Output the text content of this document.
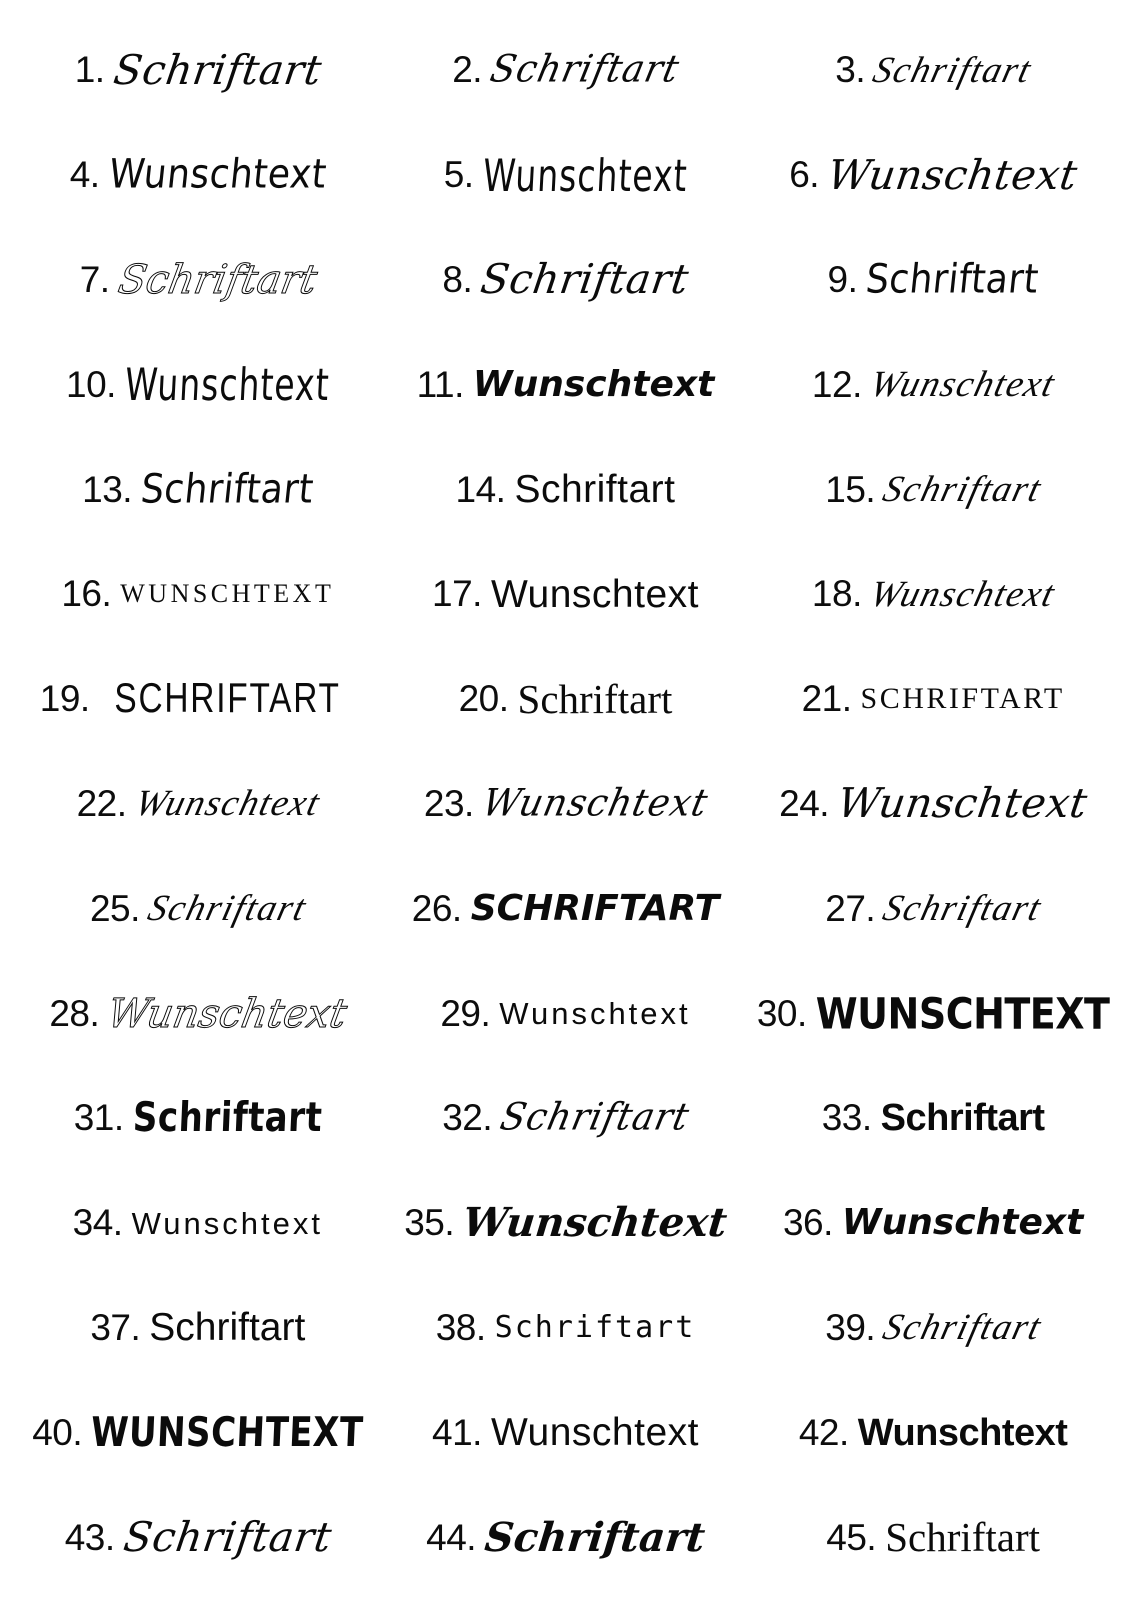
1. Schriftart	2. Schriftart	3. Schriftart
4. Wunschtext	5. Wunschtext	6. Wunschtext
7. Schriftart	8. Schriftart	9. Schriftart
10. Wunschtext 11. Wunschtext	12. Wunschtext
13. Schriftart	14. Schriftart	15. Schriftart
16. WUNSCHTEXT	17. Wunschtext	18. Wunschtext
19. SCHRIFTART	20. Schriftart	21. SCHRIFTART
22. Wunschtext	23. Wunschtext 24. Wunschtext
25. Schriftart	26. SCHRIFTART	27. Schriftart
28. Wunschtext 29. Wunschtext 30. WUNSCHTEXT
31. Schriftart	32. Schriftart	33. Schriftart
34. Wunschtext 35. Wunschtext 36. Wunschtext
37. Schriftart	38. Schriftart	39. Schriftart
40. WUNSCHTEXT 41. Wunschtext	42. Wunschtext
43. Schriftart 44. Schriftart	45. Schriftart
